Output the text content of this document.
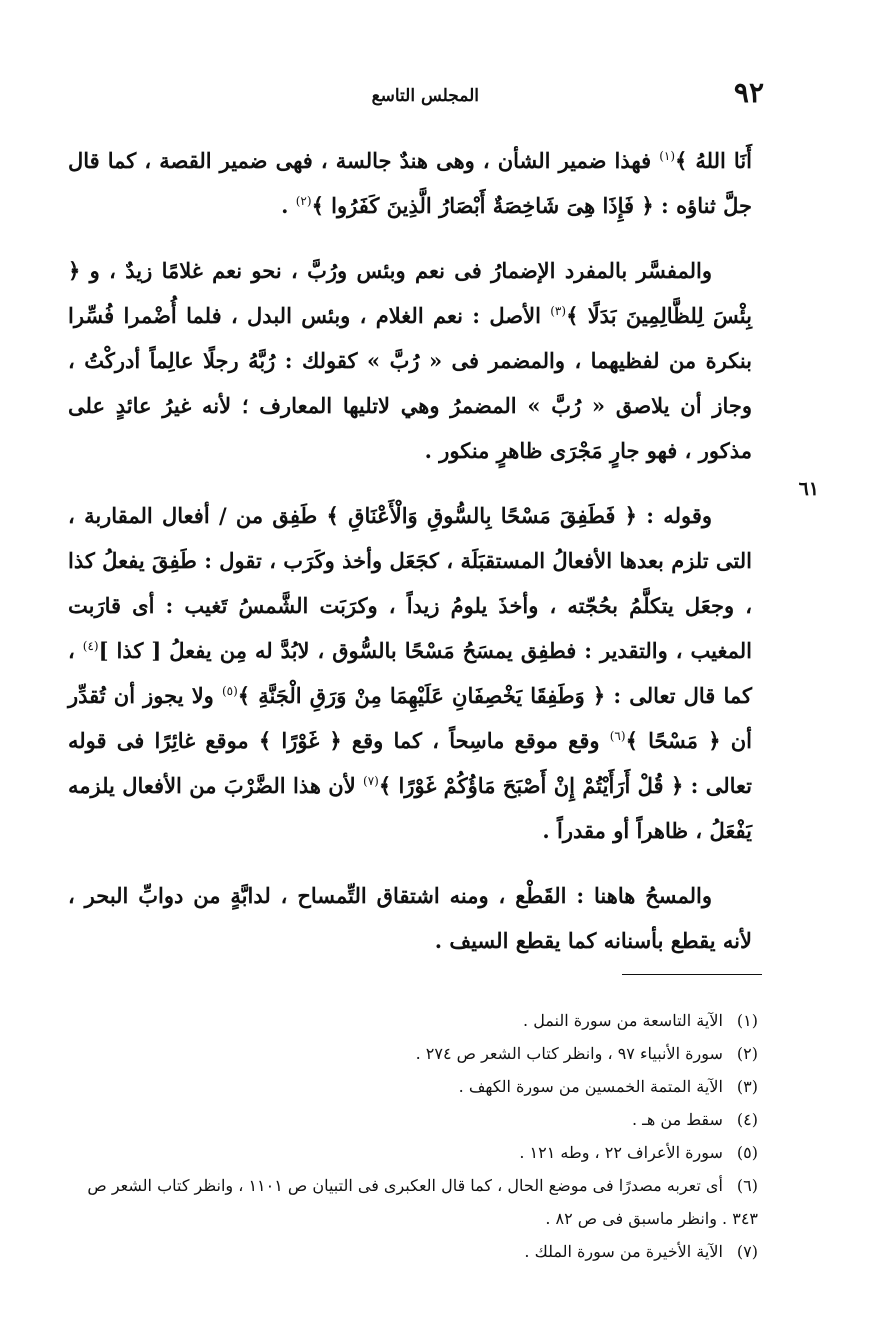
٩٢
المجلس التاسع
٦١

أَنَا اللهُ ﴾$^{(١)}$ فهذا ضمير الشأن ، وهى هندٌ جالسة ، فهى ضمير القصة ، كما قال جلَّ ثناؤه : ﴿ فَإِذَا هِىَ شَاخِصَةٌ أَبْصَارُ الَّذِينَ كَفَرُوا ﴾$^{(٢)}$ .

والمفسَّر بالمفرد الإضمارُ فى نعم وبئس ورُبَّ ، نحو نعم غلامًا زيدٌ ، و ﴿ بِئْسَ لِلظَّالِمِينَ بَدَلًا ﴾$^{(٣)}$ الأصل : نعم الغلام ، وبئس البدل ، فلما أُضْمرا فُسِّرا بنكرة من لفظيهما ، والمضمر فى « رُبَّ » كقولك : رُبَّهُ رجلًا عالِماً أدركْتُ ، وجاز أن يلاصق « رُبَّ » المضمرُ وهي لاتليها المعارف ؛ لأنه غيرُ عائدٍ على مذكور ، فهو جارٍ مَجْرَى ظاهرٍ منكور .

وقوله : ﴿ فَطَفِقَ مَسْحًا بِالسُّوقِ وَالْأَعْنَاقِ ﴾ طَفِق من / أفعال المقاربة ، التى تلزم بعدها الأفعالُ المستقبَلَة ، كجَعَل وأخذ وكَرَب ، تقول : طَفِقَ يفعلُ كذا ، وجعَل يتكلَّمُ بحُجّته ، وأخذَ يلومُ زيداً ، وكرَبَت الشَّمسُ تَغيب : أى قارَبت المغيب ، والتقدير : فطفِق يمسَحُ مَسْحًا بالسُّوق ، لابُدَّ له مِن يفعلُ [ كذا ]$^{(٤)}$ ، كما قال تعالى : ﴿ وَطَفِقَا يَخْصِفَانِ عَلَيْهِمَا مِنْ وَرَقِ الْجَنَّةِ ﴾$^{(٥)}$ ولا يجوز أن تُقدِّر أن ﴿ مَسْحًا ﴾$^{(٦)}$ وقع موقع ماسِحاً ، كما وقع ﴿ غَوْرًا ﴾ موقع غائِرًا فى قوله تعالى : ﴿ قُلْ أَرَأَيْتُمْ إِنْ أَصْبَحَ مَاؤُكُمْ غَوْرًا ﴾$^{(٧)}$ لأن هذا الضَّرْبَ من الأفعال يلزمه يَفْعَلُ ، ظاهراً أو مقدراً .

والمسحُ هاهنا : القَطْع ، ومنه اشتقاق التِّمساح ، لدابَّةٍ من دوابِّ البحر ، لأنه يقطع بأسنانه كما يقطع السيف .

(١) الآية التاسعة من سورة النمل .

(٢) سورة الأنبياء ٩٧ ، وانظر كتاب الشعر ص ٢٧٤ .

(٣) الآية المتمة الخمسين من سورة الكهف .

(٤) سقط من هـ .

(٥) سورة الأعراف ٢٢ ، وطه ١٢١ .

(٦) أى تعربه مصدرًا فى موضع الحال ، كما قال العكبرى فى التبيان ص ١١٠١ ، وانظر كتاب الشعر ص ٣٤٣ . وانظر ماسبق فى ص ٨٢ .

(٧) الآية الأخيرة من سورة الملك .
